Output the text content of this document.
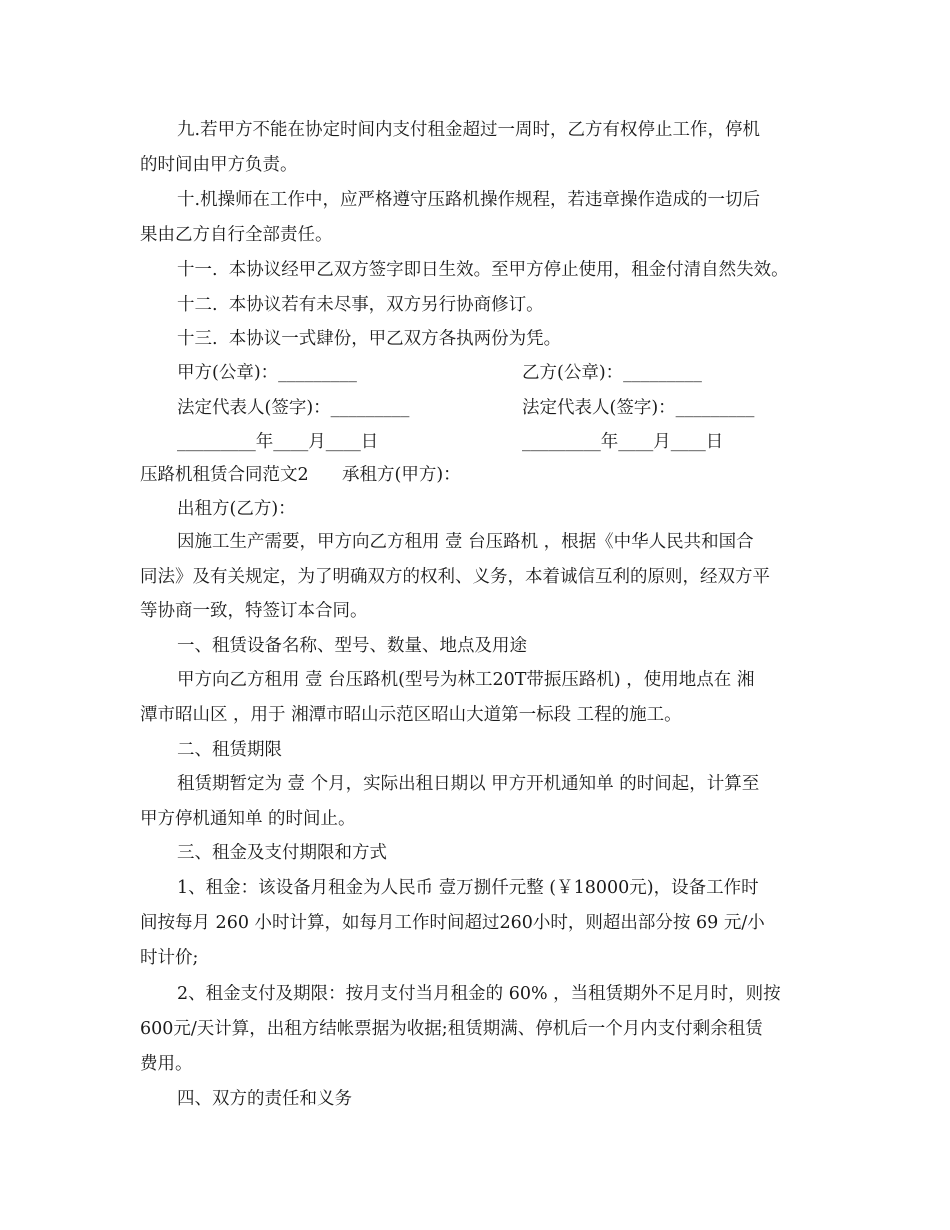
九.若甲方不能在协定时间内支付租金超过一周时，乙方有权停止工作，停机
的时间由甲方负责。
十.机操师在工作中，应严格遵守压路机操作规程，若违章操作造成的一切后
果由乙方自行全部责任。
十一.  本协议经甲乙双方签字即日生效。至甲方停止使用，租金付清自然失效。
十二.  本协议若有未尽事，双方另行协商修订。
十三.  本协议一式肆份，甲乙双方各执两份为凭。
甲方(公章)：_________	乙方(公章)：_________
法定代表人(签字)：_________	法定代表人(签字)：_________
_________年____月____日	_________年____月____日
压路机租赁合同范文2      承租方(甲方)：
出租方(乙方)：
因施工生产需要，甲方向乙方租用 壹 台压路机 ，根据《中华人民共和国合
同法》及有关规定，为了明确双方的权利、义务，本着诚信互利的原则，经双方平
等协商一致，特签订本合同。
一、租赁设备名称、型号、数量、地点及用途
甲方向乙方租用 壹 台压路机(型号为林工20T带振压路机) ，使用地点在 湘
潭市昭山区 ，用于 湘潭市昭山示范区昭山大道第一标段 工程的施工。
二、租赁期限
租赁期暂定为 壹 个月，实际出租日期以 甲方开机通知单 的时间起，计算至
甲方停机通知单 的时间止。
三、租金及支付期限和方式
1、租金：该设备月租金为人民币 壹万捌仟元整 (￥18000元)，设备工作时
间按每月 260 小时计算，如每月工作时间超过260小时，则超出部分按 69 元/小
时计价;
2、租金支付及期限：按月支付当月租金的 60% ，当租赁期外不足月时，则按
600元/天计算，出租方结帐票据为收据;租赁期满、停机后一个月内支付剩余租赁
费用。
四、双方的责任和义务
